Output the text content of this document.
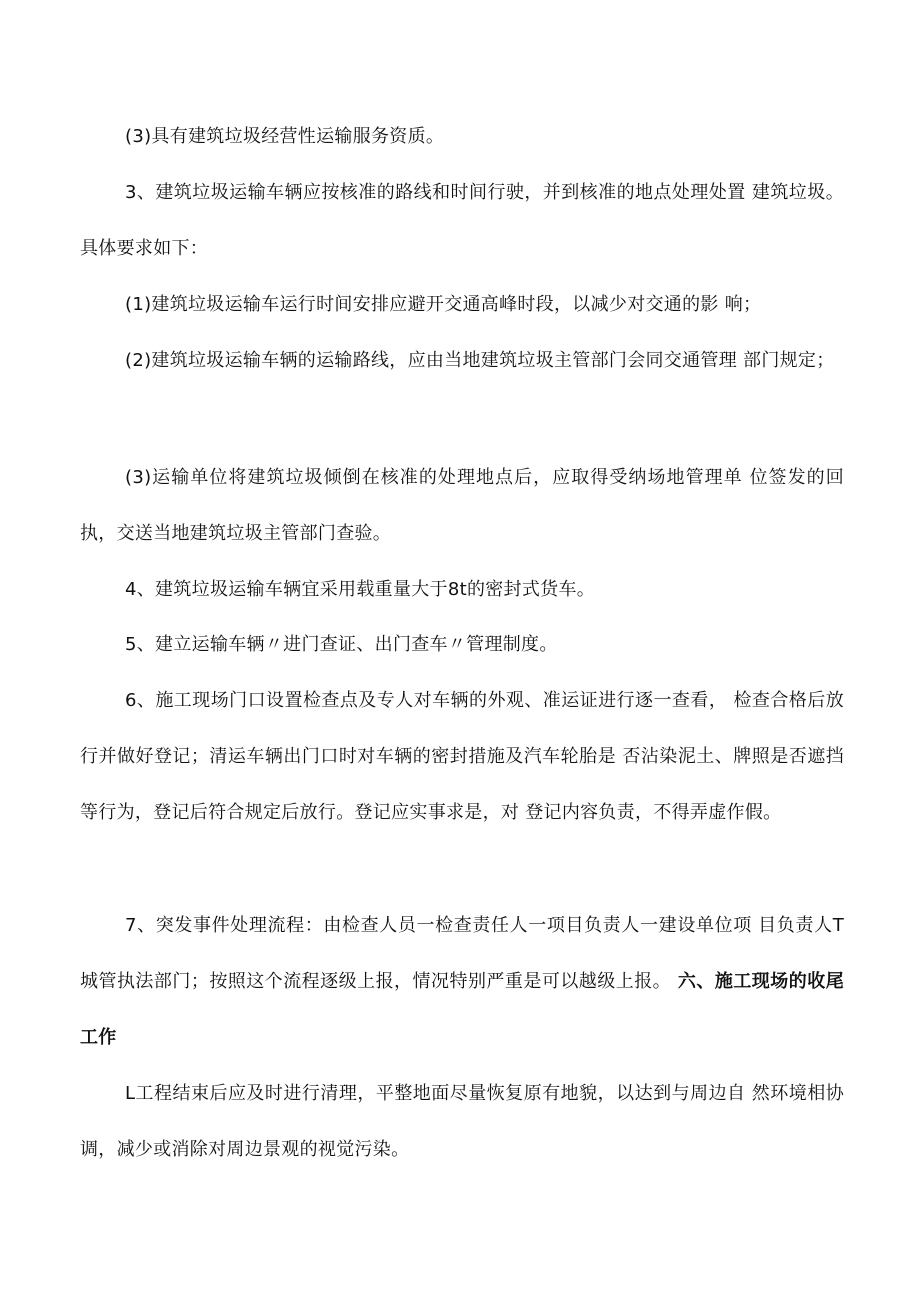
(3)具有建筑垃圾经营性运输服务资质。

3、建筑垃圾运输车辆应按核准的路线和时间行驶，并到核准的地点处理处置 建筑垃圾。具体要求如下：

(1)建筑垃圾运输车运行时间安排应避开交通高峰时段，以减少对交通的影 响；

(2)建筑垃圾运输车辆的运输路线，应由当地建筑垃圾主管部门会同交通管理 部门规定；

(3)运输单位将建筑垃圾倾倒在核准的处理地点后，应取得受纳场地管理单 位签发的回执，交送当地建筑垃圾主管部门查验。

4、建筑垃圾运输车辆宜采用载重量大于8t的密封式货车。

5、建立运输车辆〃进门查证、出门查车〃管理制度。

6、施工现场门口设置检查点及专人对车辆的外观、准运证进行逐一查看， 检查合格后放行并做好登记；清运车辆出门口时对车辆的密封措施及汽车轮胎是 否沾染泥土、牌照是否遮挡等行为，登记后符合规定后放行。登记应实事求是，对 登记内容负责，不得弄虚作假。

7、突发事件处理流程：由检查人员一检查责任人一项目负责人一建设单位项 目负责人T城管执法部门；按照这个流程逐级上报，情况特别严重是可以越级上报。 六、施工现场的收尾工作

L工程结束后应及时进行清理，平整地面尽量恢复原有地貌，以达到与周边自 然环境相协调，减少或消除对周边景观的视觉污染。
